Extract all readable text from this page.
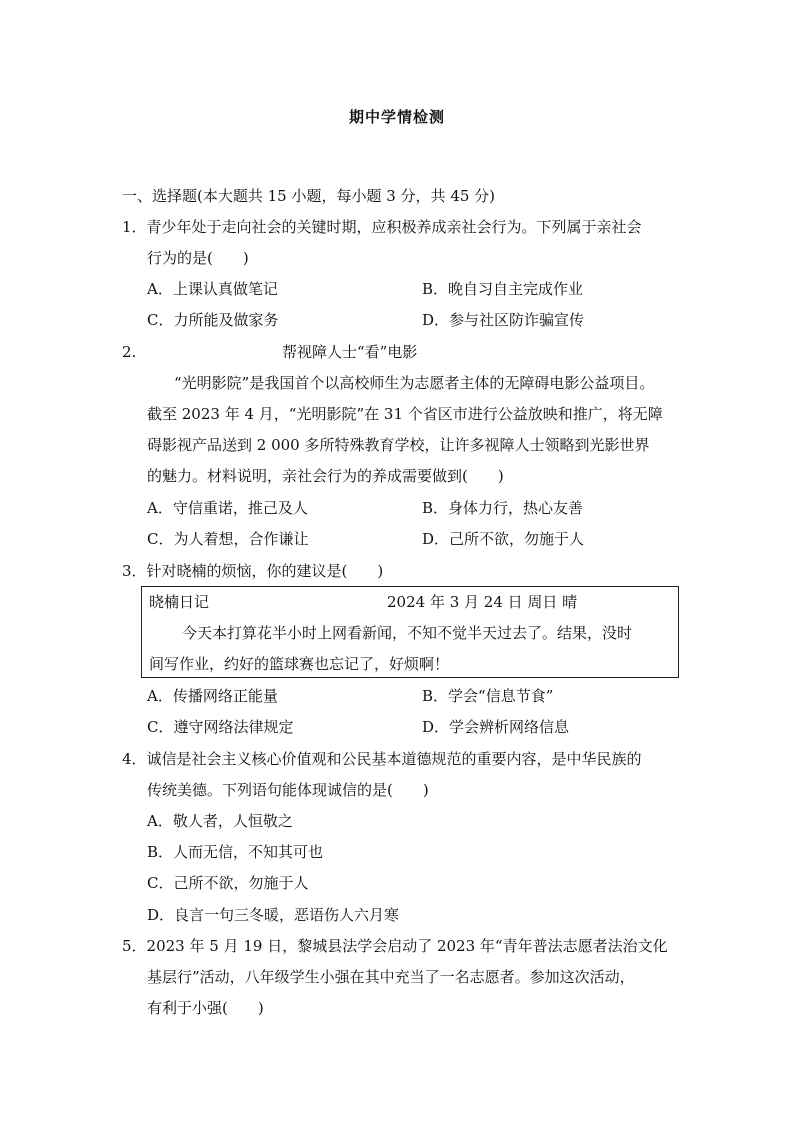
期中学情检测
一、选择题(本大题共 15 小题，每小题 3 分，共 45 分)
1．青少年处于走向社会的关键时期，应积极养成亲社会行为。下列属于亲社会
行为的是(　　)
A．上课认真做笔记	B．晚自习自主完成作业
C．力所能及做家务	D．参与社区防诈骗宣传
2.	帮视障人士“看”电影
“光明影院”是我国首个以高校师生为志愿者主体的无障碍电影公益项目。
截至 2023 年 4 月，“光明影院”在 31 个省区市进行公益放映和推广，将无障
碍影视产品送到 2 000 多所特殊教育学校，让许多视障人士领略到光影世界
的魅力。材料说明，亲社会行为的养成需要做到(　　)
A．守信重诺，推己及人	B．身体力行，热心友善
C．为人着想，合作谦让	D．己所不欲，勿施于人
3．针对晓楠的烦恼，你的建议是(　　)
晓楠日记	2024 年 3 月 24 日 周日 晴
今天本打算花半小时上网看新闻，不知不觉半天过去了。结果，没时
间写作业，约好的篮球赛也忘记了，好烦啊！
A．传播网络正能量	B．学会“信息节食”
C．遵守网络法律规定	D．学会辨析网络信息
4．诚信是社会主义核心价值观和公民基本道德规范的重要内容，是中华民族的
传统美德。下列语句能体现诚信的是(　　)
A．敬人者，人恒敬之
B．人而无信，不知其可也
C．己所不欲，勿施于人
D．良言一句三冬暖，恶语伤人六月寒
5．2023 年 5 月 19 日，黎城县法学会启动了 2023 年“青年普法志愿者法治文化
基层行”活动，八年级学生小强在其中充当了一名志愿者。参加这次活动，
有利于小强(　　)
